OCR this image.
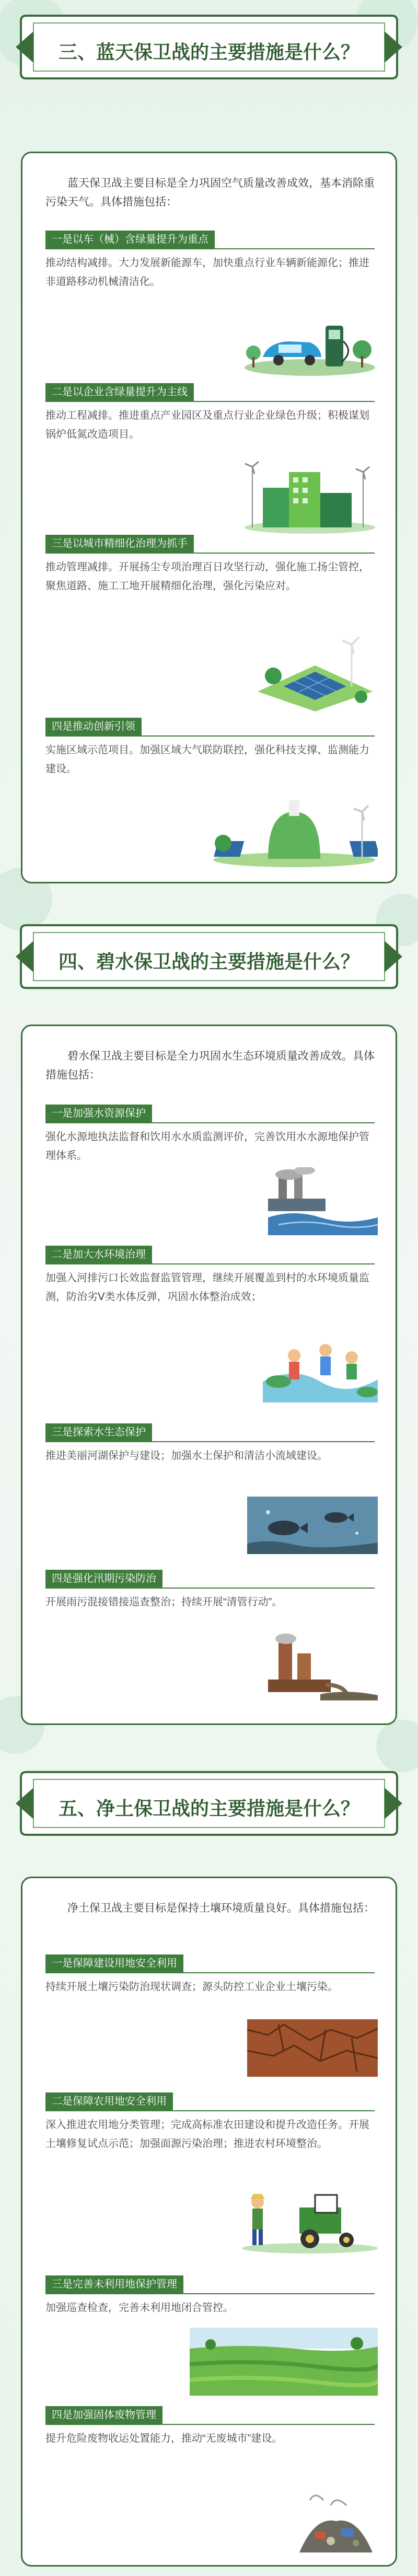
三、蓝天保卫战的主要措施是什么？
蓝天保卫战主要目标是全力巩固空气质量改善成效，基本消除重污染天气。具体措施包括：
一是以车（械）含绿量提升为重点
推动结构减排。大力发展新能源车，加快重点行业车辆新能源化；推进非道路移动机械清洁化。
二是以企业含绿量提升为主线
推动工程减排。推进重点产业园区及重点行业企业绿色升级；积极谋划锅炉低氮改造项目。
三是以城市精细化治理为抓手
推动管理减排。开展扬尘专项治理百日攻坚行动，强化施工扬尘管控，聚焦道路、施工工地开展精细化治理，强化污染应对。
四是推动创新引领
实施区域示范项目。加强区域大气联防联控，强化科技支撑、监测能力建设。
四、碧水保卫战的主要措施是什么？
碧水保卫战主要目标是全力巩固水生态环境质量改善成效。具体措施包括：
一是加强水资源保护
强化水源地执法监督和饮用水水质监测评价，完善饮用水水源地保护管理体系。
二是加大水环境治理
加强入河排污口长效监督监管管理，继续开展覆盖到村的水环境质量监测，防治劣Ⅴ类水体反弹，巩固水体整治成效；
三是探索水生态保护
推进美丽河湖保护与建设；加强水土保护和清洁小流域建设。
四是强化汛期污染防治
开展雨污混接错接巡查整治；持续开展“清管行动”。
五、净土保卫战的主要措施是什么？
净土保卫战主要目标是保持土壤环境质量良好。具体措施包括：
一是保障建设用地安全利用
持续开展土壤污染防治现状调查；源头防控工业企业土壤污染。
二是保障农用地安全利用
深入推进农用地分类管理；完成高标准农田建设和提升改造任务。开展土壤修复试点示范；加强面源污染治理；推进农村环境整治。
三是完善未利用地保护管理
加强巡查检查，完善未利用地闭合管控。
四是加强固体废物管理
提升危险废物收运处置能力，推动“无废城市”建设。
